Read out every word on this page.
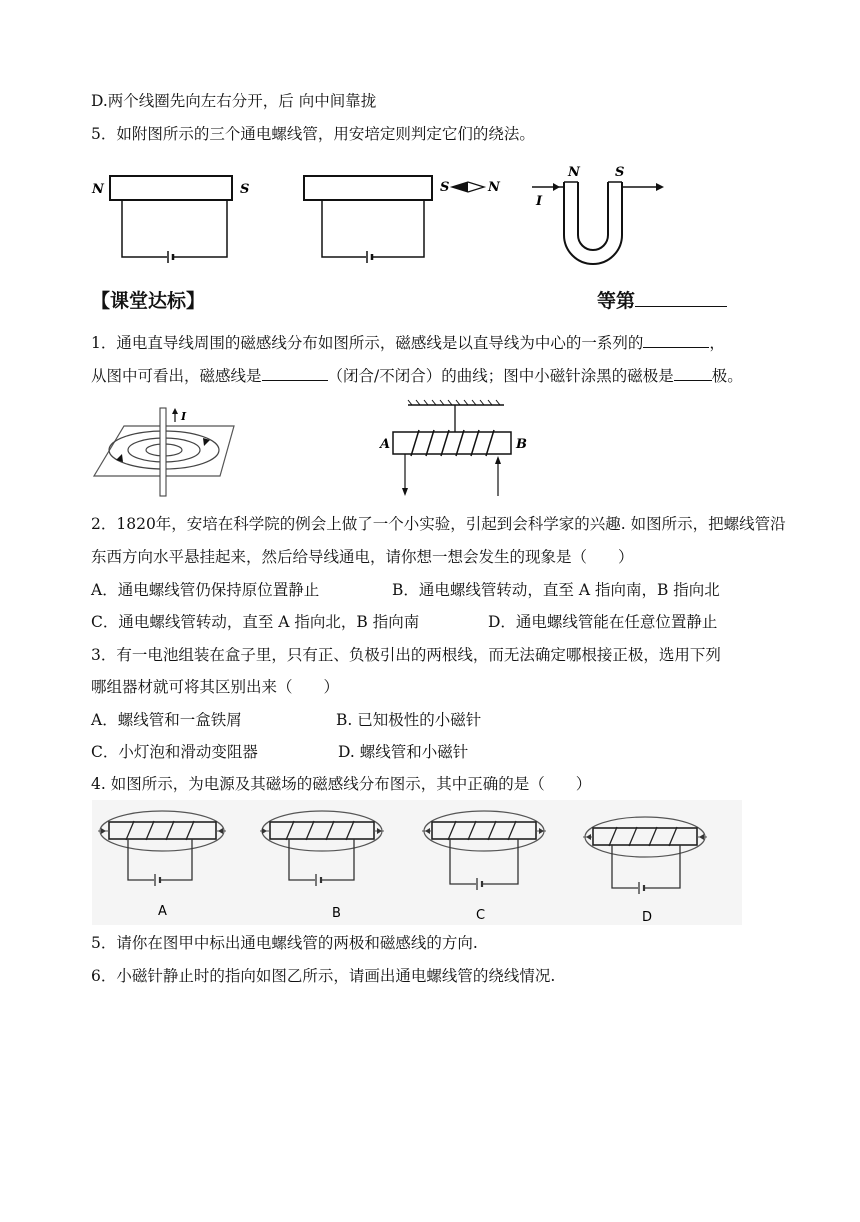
D.两个线圈先向左右分开，后 向中间靠拢
5．如附图所示的三个通电螺线管，用安培定则判定它们的绕法。
N	S	S	N
N	S
I
【课堂达标】	等第
1．通电直导线周围的磁感线分布如图所示，磁感线是以直导线为中心的一系列的	，
从图中可看出，磁感线是	（闭合/不闭合）的曲线；图中小磁针涂黑的磁极是 极。
I
A	B
2．1820年，安培在科学院的例会上做了一个小实验，引起到会科学家的兴趣. 如图所示，把螺线管沿
东西方向水平悬挂起来，然后给导线通电，请你想一想会发生的现象是（　　）
A．通电螺线管仍保持原位置静止	B．通电螺线管转动，直至 A 指向南，B 指向北
C．通电螺线管转动，直至 A 指向北，B 指向南	D．通电螺线管能在任意位置静止
3．有一电池组装在盒子里，只有正、负极引出的两根线，而无法确定哪根接正极，选用下列
哪组器材就可将其区别出来（　　）
A．螺线管和一盒铁屑	B. 已知极性的小磁针
C．小灯泡和滑动变阻器	D. 螺线管和小磁针
4. 如图所示，为电源及其磁场的磁感线分布图示，其中正确的是（　　）
A	B	C	D
5．请你在图甲中标出通电螺线管的两极和磁感线的方向.
6．小磁针静止时的指向如图乙所示，请画出通电螺线管的绕线情况.
